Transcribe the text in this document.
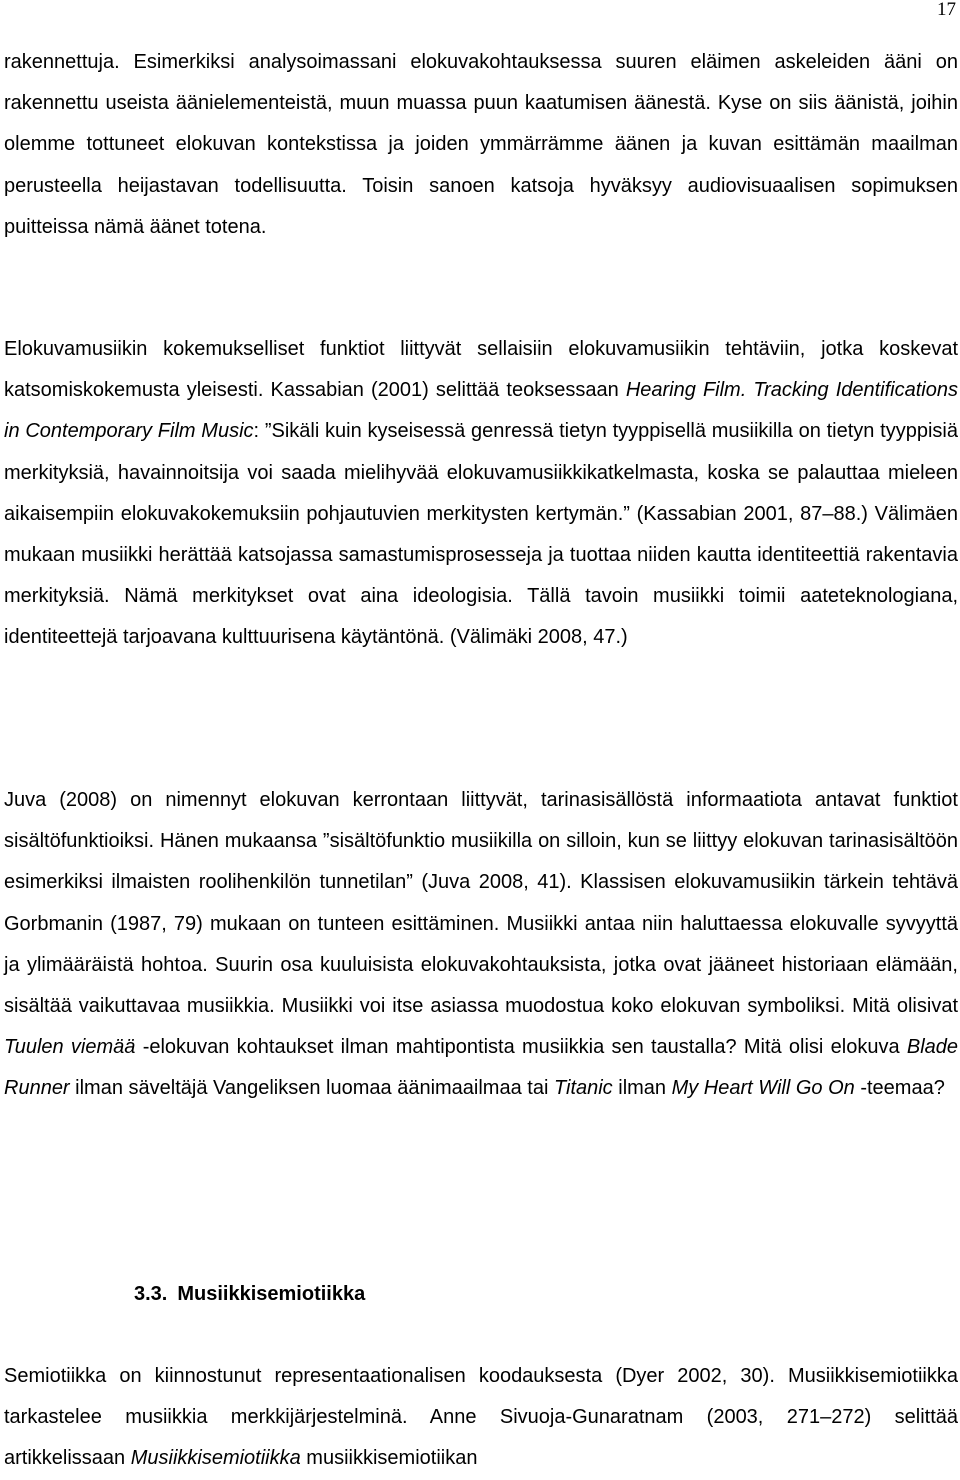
17

rakennettuja. Esimerkiksi analysoimassani elokuvakohtauksessa suuren eläimen askeleiden ääni on rakennettu useista äänielementeistä, muun muassa puun kaatumisen äänestä. Kyse on siis äänistä, joihin olemme tottuneet elokuvan kontekstissa ja joiden ymmärrämme äänen ja kuvan esittämän maailman perusteella heijastavan todellisuutta. Toisin sanoen katsoja hyväksyy audiovisuaalisen sopimuksen puitteissa nämä äänet totena.

Elokuvamusiikin kokemukselliset funktiot liittyvät sellaisiin elokuvamusiikin tehtäviin, jotka koskevat katsomiskokemusta yleisesti. Kassabian (2001) selittää teoksessaan Hearing Film. Tracking Identifications in Contemporary Film Music: ”Sikäli kuin kyseisessä genressä tietyn tyyppisellä musiikilla on tietyn tyyppisiä merkityksiä, havainnoitsija voi saada mielihyvää elokuvamusiikkikatkelmasta, koska se palauttaa mieleen aikaisempiin elokuvakokemuksiin pohjautuvien merkitysten kertymän.” (Kassabian 2001, 87–88.) Välimäen mukaan musiikki herättää katsojassa samastumisprosesseja ja tuottaa niiden kautta identiteettiä rakentavia merkityksiä. Nämä merkitykset ovat aina ideologisia. Tällä tavoin musiikki toimii aateteknologiana, identiteettejä tarjoavana kulttuurisena käytäntönä. (Välimäki 2008, 47.)

Juva (2008) on nimennyt elokuvan kerrontaan liittyvät, tarinasisällöstä informaatiota antavat funktiot sisältöfunktioiksi. Hänen mukaansa ”sisältöfunktio musiikilla on silloin, kun se liittyy elokuvan tarinasisältöön esimerkiksi ilmaisten roolihenkilön tunnetilan” (Juva 2008, 41). Klassisen elokuvamusiikin tärkein tehtävä Gorbmanin (1987, 79) mukaan on tunteen esittäminen. Musiikki antaa niin haluttaessa elokuvalle syvyyttä ja ylimääräistä hohtoa. Suurin osa kuuluisista elokuvakohtauksista, jotka ovat jääneet historiaan elämään, sisältää vaikuttavaa musiikkia. Musiikki voi itse asiassa muodostua koko elokuvan symboliksi. Mitä olisivat Tuulen viemää -elokuvan kohtaukset ilman mahtipontista musiikkia sen taustalla? Mitä olisi elokuva Blade Runner ilman säveltäjä Vangeliksen luomaa äänimaailmaa tai Titanic ilman My Heart Will Go On -teemaa?

3.3. Musiikkisemiotiikka

Semiotiikka on kiinnostunut representaationalisen koodauksesta (Dyer 2002, 30). Musiikkisemiotiikka tarkastelee musiikkia merkkijärjestelminä. Anne Sivuoja-Gunaratnam (2003, 271–272) selittää artikkelissaan Musiikkisemiotiikka musiikkisemiotiikan
